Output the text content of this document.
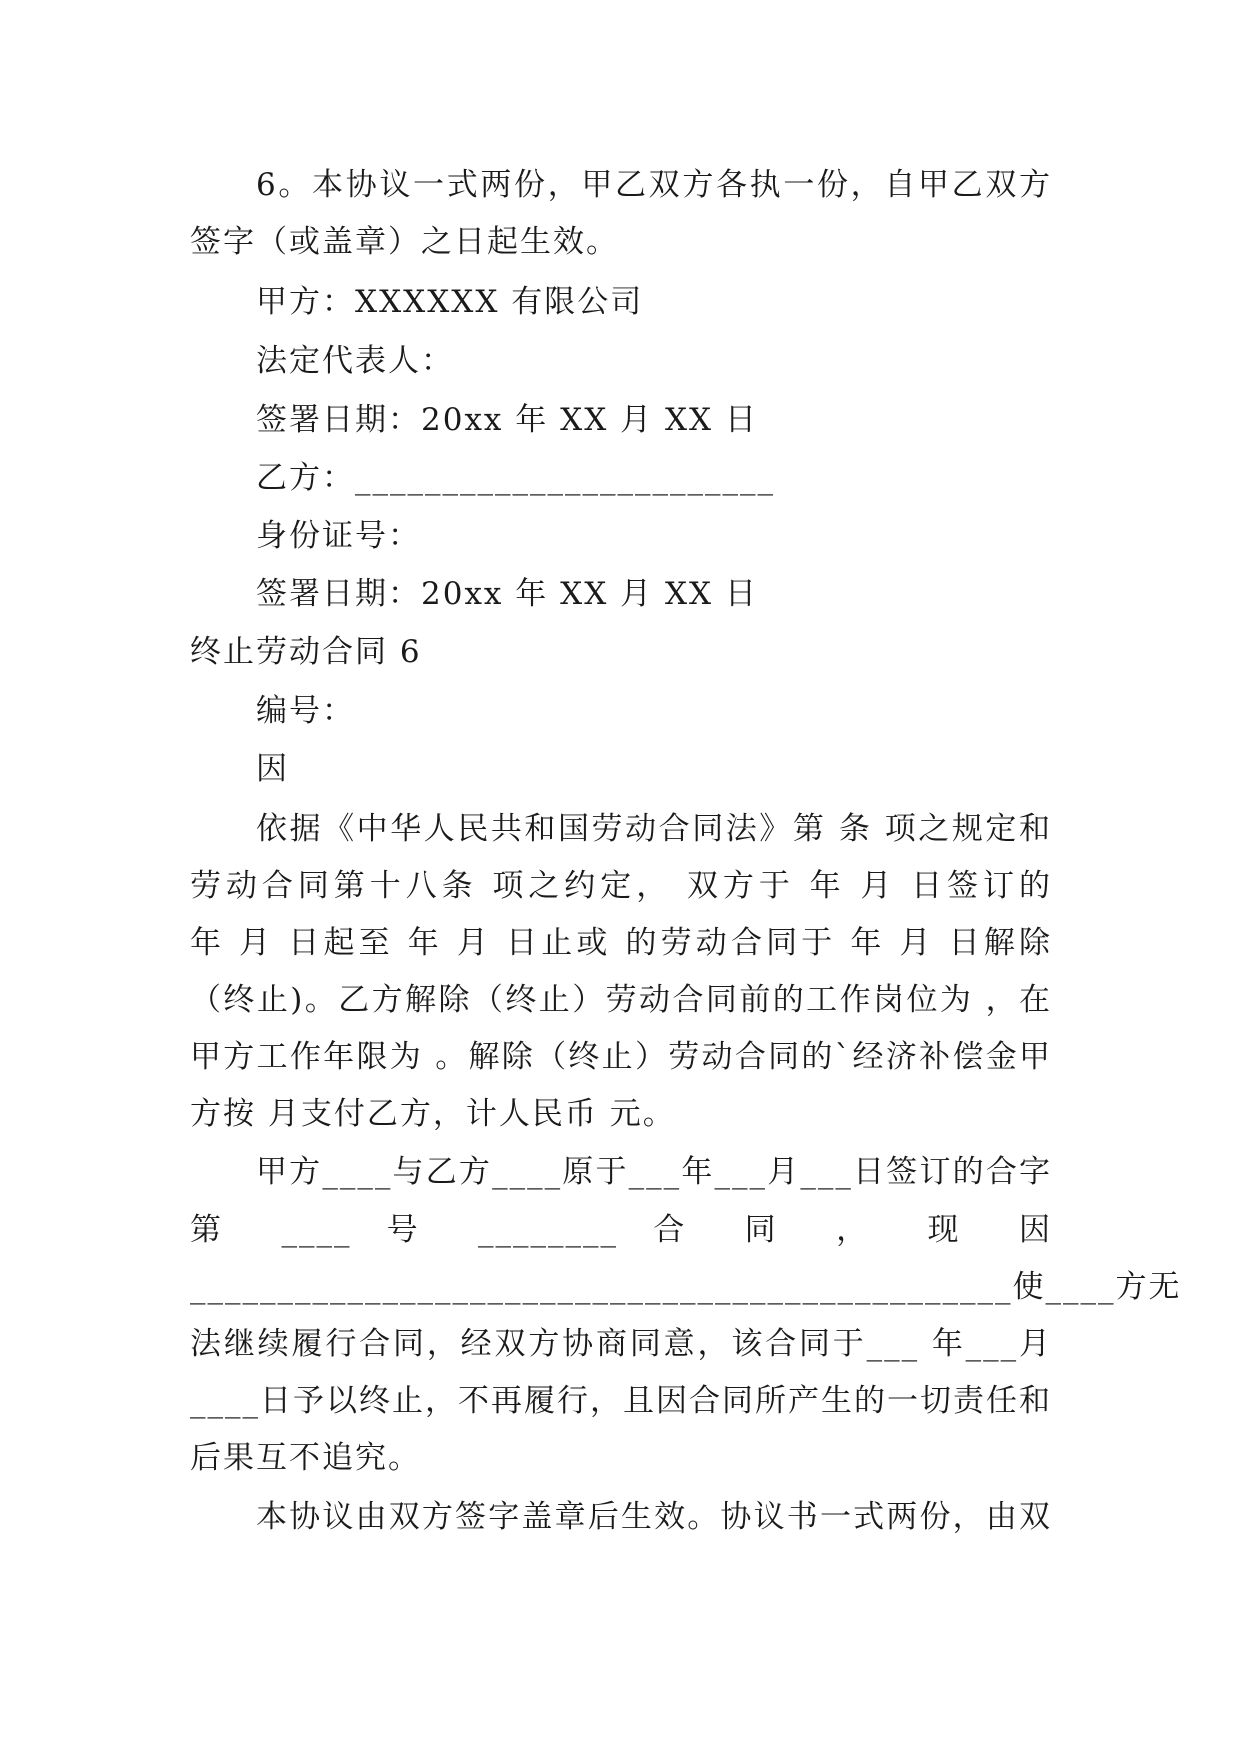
6。本协议一式两份，甲乙双方各执一份，自甲乙双方
签字（或盖章）之日起生效。
甲方：XXXXXX 有限公司
法定代表人：
签署日期：20xx 年 XX 月 XX 日
乙方：________________________
身份证号：
签署日期：20xx 年 XX 月 XX 日
终止劳动合同 6
编号：
因
依据《中华人民共和国劳动合同法》第 条 项之规定和
劳动合同第十八条 项之约定， 双方于 年 月 日签订的
年 月 日起至 年 月 日止或 的劳动合同于 年 月 日解除
（终止)。乙方解除（终止）劳动合同前的工作岗位为 ，在
甲方工作年限为 。解除（终止）劳动合同的`经济补偿金甲
方按 月支付乙方，计人民币 元。
甲方____与乙方____原于___年___月___日签订的合字
第 ____ 号 ________ 合 同 ， 现 因
_______________________________________________使____方无
法继续履行合同，经双方协商同意，该合同于___ 年___月
____日予以终止，不再履行，且因合同所产生的一切责任和
后果互不追究。
本协议由双方签字盖章后生效。协议书一式两份，由双
